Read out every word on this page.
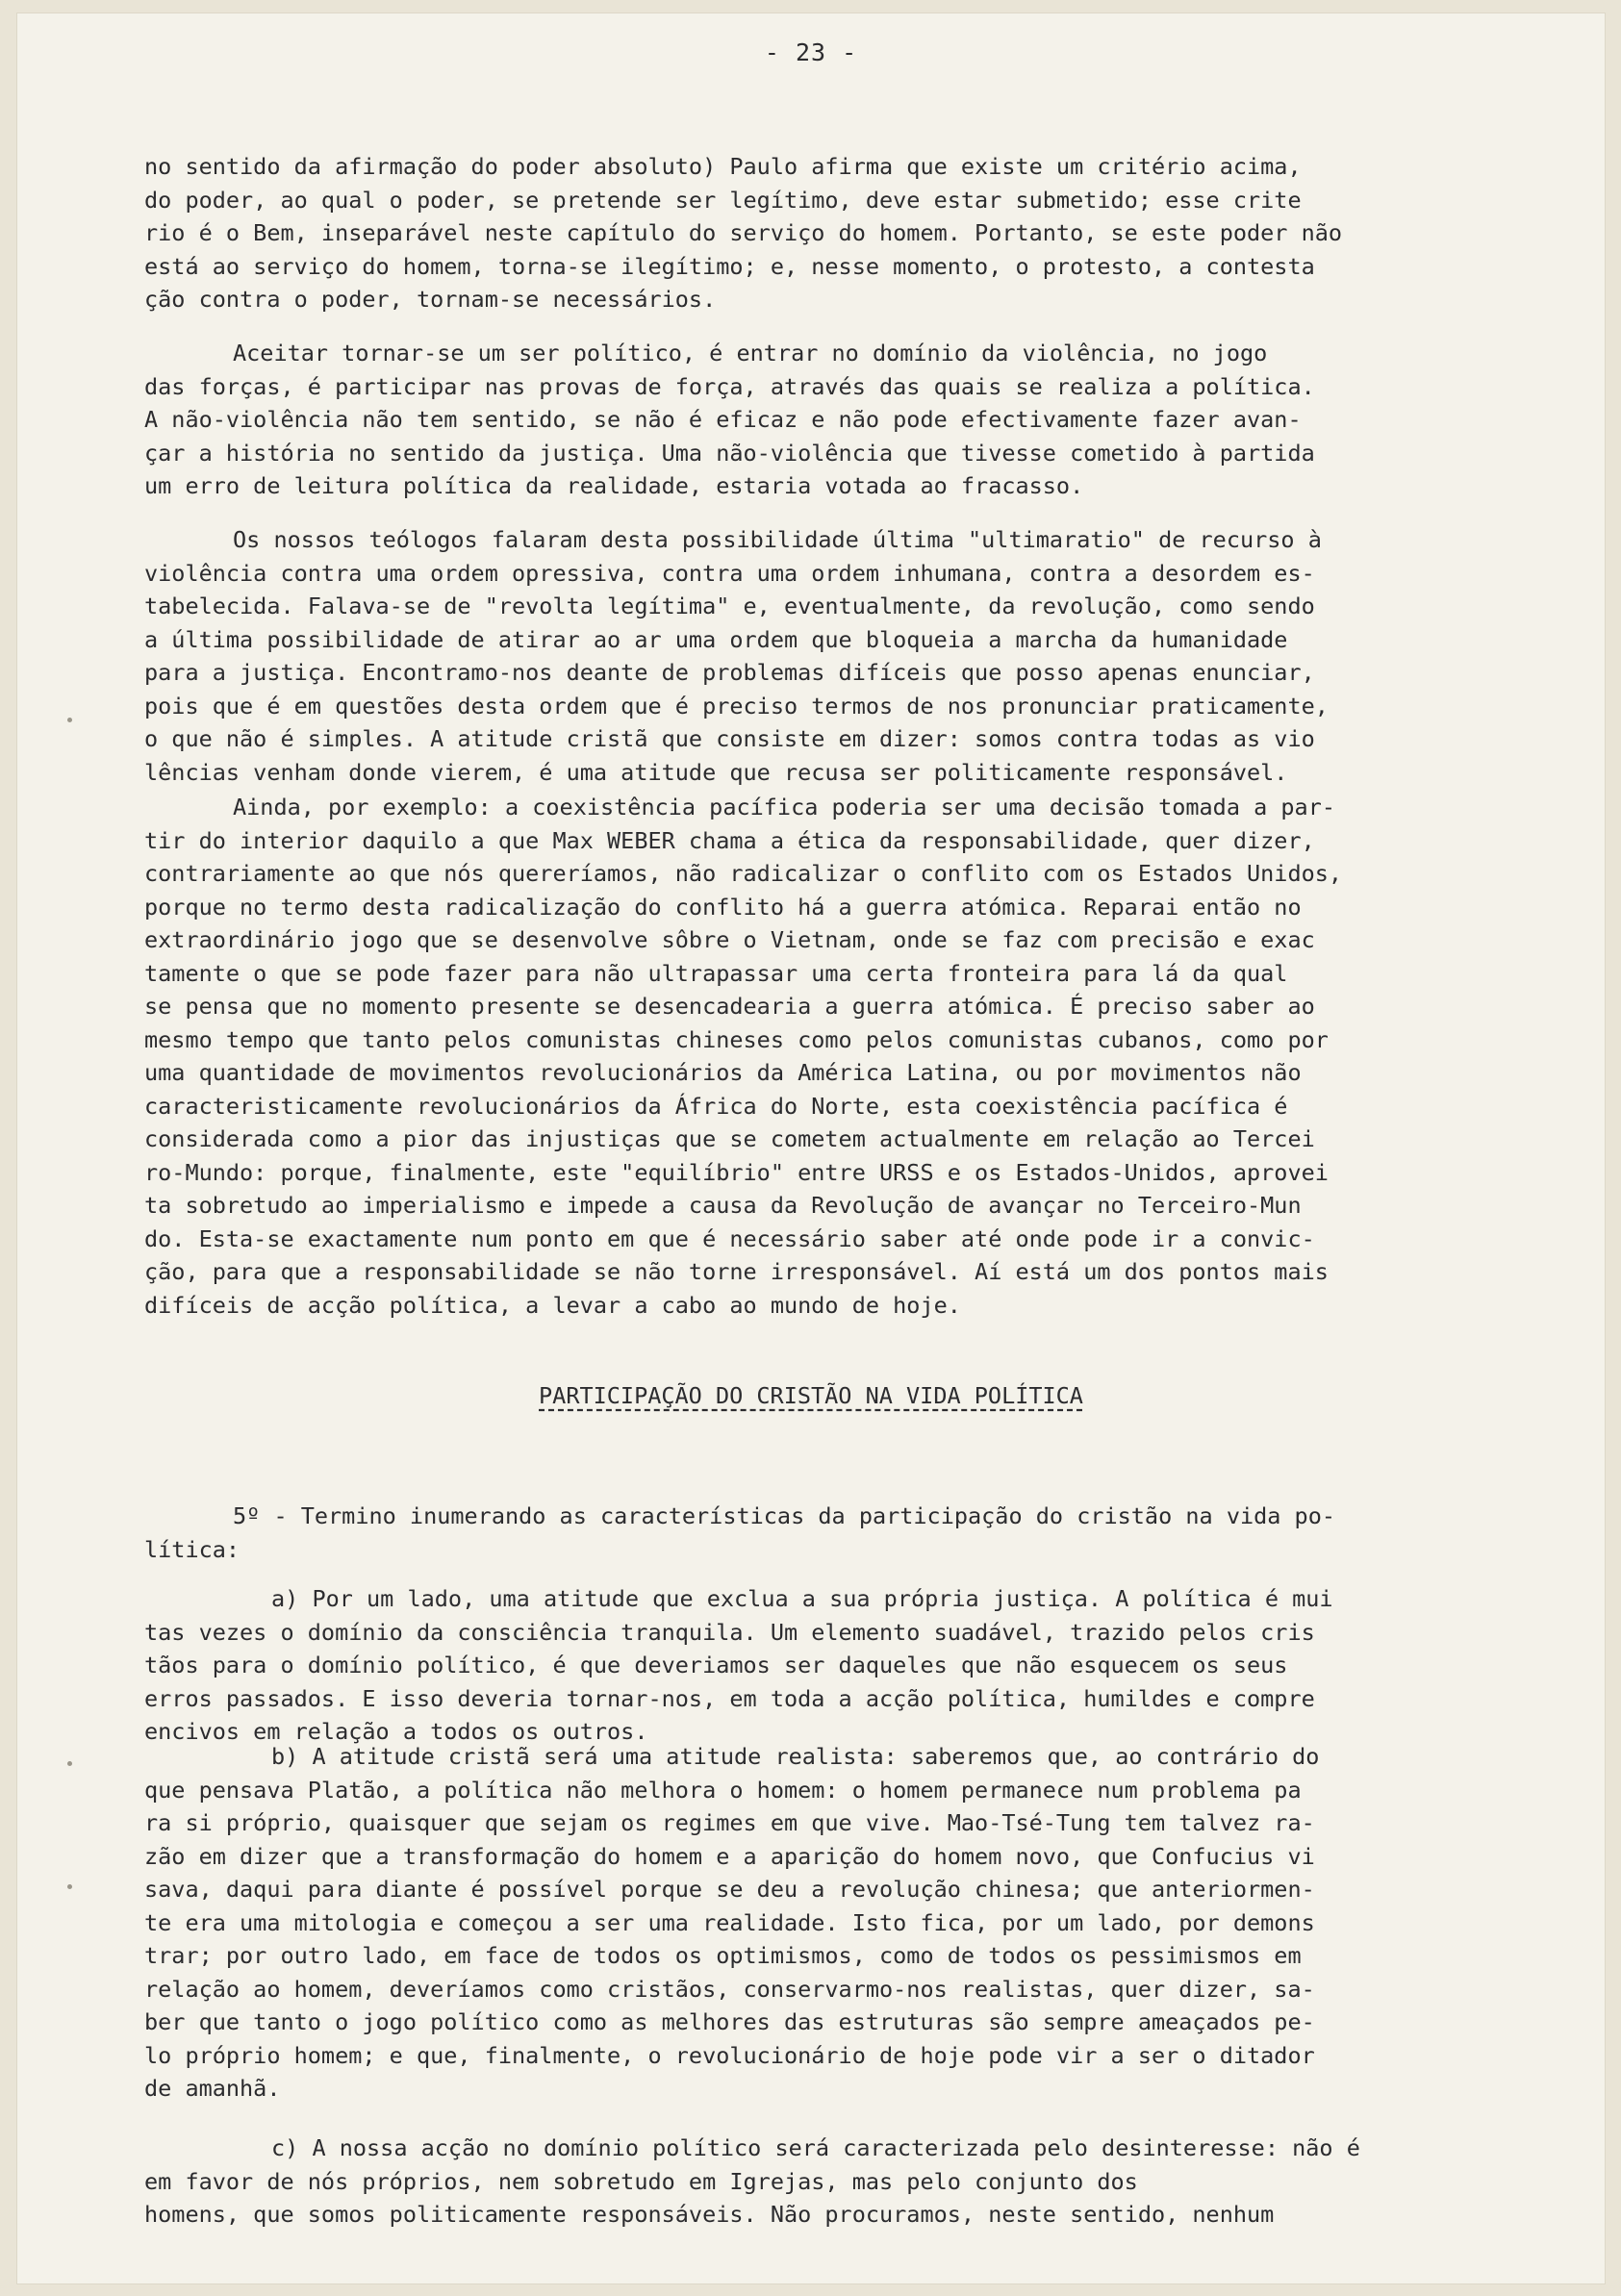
- 23 -
no sentido da afirmação do poder absoluto) Paulo afirma que existe um critério acima,
do poder, ao qual o poder, se pretende ser legítimo, deve estar submetido; esse crite
rio é o Bem, inseparável neste capítulo do serviço do homem. Portanto, se este poder não
está ao serviço do homem, torna-se ilegítimo; e, nesse momento, o protesto, a contesta
ção contra o poder, tornam-se necessários.
Aceitar tornar-se um ser político, é entrar no domínio da violência, no jogo
das forças, é participar nas provas de força, através das quais se realiza a política.
A não-violência não tem sentido, se não é eficaz e não pode efectivamente fazer avan-
çar a história no sentido da justiça. Uma não-violência que tivesse cometido à partida
um erro de leitura política da realidade, estaria votada ao fracasso.
Os nossos teólogos falaram desta possibilidade última "ultimaratio" de recurso à
violência contra uma ordem opressiva, contra uma ordem inhumana, contra a desordem es-
tabelecida. Falava-se de "revolta legítima" e, eventualmente, da revolução, como sendo
a última possibilidade de atirar ao ar uma ordem que bloqueia a marcha da humanidade
para a justiça. Encontramo-nos deante de problemas difíceis que posso apenas enunciar,
pois que é em questões desta ordem que é preciso termos de nos pronunciar praticamente,
o que não é simples. A atitude cristã que consiste em dizer: somos contra todas as vio
lências venham donde vierem, é uma atitude que recusa ser politicamente responsável.
Ainda, por exemplo: a coexistência pacífica poderia ser uma decisão tomada a par-
tir do interior daquilo a que Max WEBER chama a ética da responsabilidade, quer dizer,
contrariamente ao que nós quereríamos, não radicalizar o conflito com os Estados Unidos,
porque no termo desta radicalização do conflito há a guerra atómica. Reparai então no
extraordinário jogo que se desenvolve sôbre o Vietnam, onde se faz com precisão e exac
tamente o que se pode fazer para não ultrapassar uma certa fronteira para lá da qual
se pensa que no momento presente se desencadearia a guerra atómica. É preciso saber ao
mesmo tempo que tanto pelos comunistas chineses como pelos comunistas cubanos, como por
uma quantidade de movimentos revolucionários da América Latina, ou por movimentos não
caracteristicamente revolucionários da África do Norte, esta coexistência pacífica é
considerada como a pior das injustiças que se cometem actualmente em relação ao Tercei
ro-Mundo: porque, finalmente, este "equilíbrio" entre URSS e os Estados-Unidos, aprovei
ta sobretudo ao imperialismo e impede a causa da Revolução de avançar no Terceiro-Mun
do. Esta-se exactamente num ponto em que é necessário saber até onde pode ir a convic-
ção, para que a responsabilidade se não torne irresponsável. Aí está um dos pontos mais
difíceis de acção política, a levar a cabo ao mundo de hoje.
PARTICIPAÇÃO DO CRISTÃO NA VIDA POLÍTICA
5º - Termino inumerando as características da participação do cristão na vida po-
lítica:
a) Por um lado, uma atitude que exclua a sua própria justiça. A política é mui
tas vezes o domínio da consciência tranquila. Um elemento suadável, trazido pelos cris
tãos para o domínio político, é que deveriamos ser daqueles que não esquecem os seus
erros passados. E isso deveria tornar-nos, em toda a acção política, humildes e compre
encivos em relação a todos os outros.
b) A atitude cristã será uma atitude realista: saberemos que, ao contrário do
que pensava Platão, a política não melhora o homem: o homem permanece num problema pa
ra si próprio, quaisquer que sejam os regimes em que vive. Mao-Tsé-Tung tem talvez ra-
zão em dizer que a transformação do homem e a aparição do homem novo, que Confucius vi
sava, daqui para diante é possível porque se deu a revolução chinesa; que anteriormen-
te era uma mitologia e começou a ser uma realidade. Isto fica, por um lado, por demons
trar; por outro lado, em face de todos os optimismos, como de todos os pessimismos em
relação ao homem, deveríamos como cristãos, conservarmo-nos realistas, quer dizer, sa-
ber que tanto o jogo político como as melhores das estruturas são sempre ameaçados pe-
lo próprio homem; e que, finalmente, o revolucionário de hoje pode vir a ser o ditador
de amanhã.
c) A nossa acção no domínio político será caracterizada pelo desinteresse: não é
em favor de nós próprios, nem sobretudo em Igrejas, mas pelo conjunto dos
homens, que somos politicamente responsáveis. Não procuramos, neste sentido, nenhum
